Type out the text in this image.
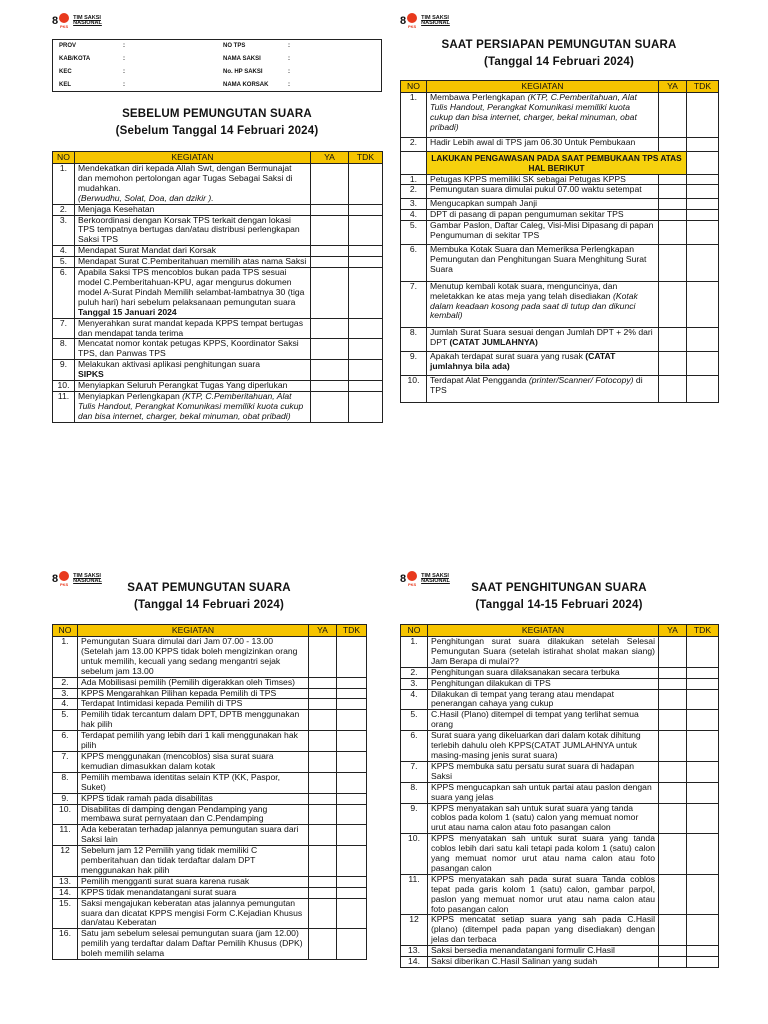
8 PKS
TIM SAKSI
NASIONAL
PROV	:
KAB/KOTA	:
KEC	:
KEL	:
NO TPS	:
NAMA SAKSI	:
No. HP SAKSI	:
NAMA KORSAK	:
SEBELUM PEMUNGUTAN SUARA
(Sebelum Tanggal 14 Februari 2024)
NO	KEGIATAN	YA	TDK
1.	Mendekatkan diri kepada Allah Swt, dengan Bermunajat dan memohon pertolongan agar Tugas Sebagai Saksi di mudahkan.
(Berwudhu, Solat, Doa, dan dzikir ).		
2.	Menjaga Kesehatan		
3.	Berkoordinasi dengan Korsak TPS terkait dengan lokasi TPS tempatnya bertugas dan/atau distribusi perlengkapan Saksi TPS		
4.	Mendapat Surat Mandat dari Korsak		
5.	Mendapat Surat C.Pemberitahuan memilih atas nama Saksi		
6.	Apabila Saksi TPS mencoblos bukan pada TPS sesuai model C.Pemberitahuan-KPU, agar mengurus dokumen model A-Surat Pindah Memilih selambat-lambatnya 30 (tiga puluh hari) hari sebelum pelaksanaan pemungutan suara Tanggal 15 Januari 2024		
7.	Menyerahkan surat mandat kepada KPPS tempat bertugas dan mendapat tanda terima		
8.	Mencatat nomor kontak petugas KPPS, Koordinator Saksi TPS, dan Panwas TPS		
9.	Melakukan aktivasi aplikasi penghitungan suara
SIPKS		
10.	Menyiapkan Seluruh Perangkat Tugas Yang diperlukan		
11.	Menyiapkan Perlengkapan (KTP, C.Pemberitahuan, Alat Tulis Handout, Perangkat Komunikasi memiliki kuota cukup dan bisa internet, charger, bekal minuman, obat pribadi)		
8 PKS
TIM SAKSI
NASIONAL
SAAT PERSIAPAN PEMUNGUTAN SUARA
(Tanggal 14 Februari 2024)
NO	KEGIATAN	YA	TDK
1.	Membawa Perlengkapan (KTP, C.Pemberitahuan, Alat Tulis Handout, Perangkat Komunikasi memiliki kuota cukup dan bisa internet, charger, bekal minuman, obat pribadi)		
2.	Hadir Lebih awal di TPS jam 06.30 Untuk Pembukaan		
	LAKUKAN PENGAWASAN PADA SAAT PEMBUKAAN TPS ATAS HAL BERIKUT		
1.	Petugas KPPS memiliki SK sebagai Petugas KPPS		
2.	Pemungutan suara dimulai pukul 07.00 waktu setempat		
3.	Mengucapkan sumpah Janji		
4.	DPT di pasang di papan pengumuman sekitar TPS		
5.	Gambar Paslon, Daftar Caleg, Visi-Misi Dipasang di papan Pengumuman di sekitar TPS		
6.	Membuka Kotak Suara dan Memeriksa Perlengkapan Pemungutan dan Penghitungan Suara Menghitung Surat Suara		
7.	Menutup kembali kotak suara, menguncinya, dan meletakkan ke atas meja yang telah disediakan (Kotak dalam keadaan kosong pada saat di tutup dan dikunci kembali)		
8.	Jumlah Surat Suara sesuai dengan Jumlah DPT + 2% dari DPT (CATAT JUMLAHNYA)		
9.	Apakah terdapat surat suara yang rusak (CATAT jumlahnya bila ada)		
10.	Terdapat Alat Pengganda (printer/Scanner/ Fotocopy) di TPS		
8 PKS
TIM SAKSI
NASIONAL
SAAT PEMUNGUTAN SUARA
(Tanggal 14 Februari 2024)
NO	KEGIATAN	YA	TDK
1.	Pemungutan Suara dimulai dari Jam 07.00 - 13.00 (Setelah jam 13.00 KPPS tidak boleh mengizinkan orang untuk memilih, kecuali yang sedang mengantri sejak sebelum jam 13.00		
2.	Ada Mobilisasi pemilih (Pemilih digerakkan oleh Timses)		
3.	KPPS Mengarahkan Pilihan kepada Pemilih di TPS		
4.	Terdapat Intimidasi kepada Pemilih di TPS		
5.	Pemilih tidak tercantum dalam DPT, DPTB menggunakan hak pilih		
6.	Terdapat pemilih yang lebih dari 1 kali menggunakan hak pilih		
7.	KPPS menggunakan (mencoblos) sisa surat suara kemudian dimasukkan dalam kotak		
8.	Pemilih membawa identitas selain KTP (KK, Paspor, Suket)		
9.	KPPS tidak ramah pada disabilitas		
10.	Disabilitas di damping dengan Pendamping yang membawa surat pernyataan dan C.Pendamping		
11.	Ada keberatan terhadap jalannya pemungutan suara dari Saksi lain		
12	Sebelum jam 12 Pemilih yang tidak memiliki C pemberitahuan dan tidak terdaftar dalam DPT menggunakan hak pilih		
13.	Pemilih mengganti surat suara karena rusak		
14.	KPPS tidak menandatangani surat suara		
15.	Saksi mengajukan keberatan atas jalannya pemungutan suara dan dicatat KPPS mengisi Form C.Kejadian Khusus dan/atau Keberatan		
16.	Satu jam sebelum selesai pemungutan suara (jam 12.00) pemilih yang terdaftar dalam Daftar Pemilih Khusus (DPK) boleh memilih selama		
8 PKS
TIM SAKSI
NASIONAL
SAAT PENGHITUNGAN SUARA
(Tanggal 14-15 Februari 2024)
NO	KEGIATAN	YA	TDK
1.	Penghitungan surat suara dilakukan setelah Selesai Pemungutan Suara (setelah istirahat sholat makan siang) Jam Berapa di mulai??		
2.	Penghitungan suara dilaksanakan secara terbuka		
3.	Penghitungan dilakukan di TPS		
4.	Dilakukan di tempat yang terang atau mendapat penerangan cahaya yang cukup		
5.	C.Hasil (Plano) ditempel di tempat yang terlihat semua orang		
6.	Surat suara yang dikeluarkan dari dalam kotak dihitung terlebih dahulu oleh KPPS(CATAT JUMLAHNYA untuk masing-masing jenis surat suara)		
7.	KPPS membuka satu persatu surat suara di hadapan Saksi		
8.	KPPS mengucapkan sah untuk partai atau paslon dengan suara yang jelas		
9.	KPPS menyatakan sah untuk surat suara yang tanda coblos pada kolom 1 (satu) calon yang memuat nomor urut atau nama calon atau foto pasangan calon		
10.	KPPS menyatakan sah untuk surat suara yang tanda coblos lebih dari satu kali tetapi pada kolom 1 (satu) calon yang memuat nomor urut atau nama calon atau foto pasangan calon		
11.	KPPS menyatakan sah pada surat suara Tanda coblos tepat pada garis kolom 1 (satu) calon, gambar parpol, paslon yang memuat nomor urut atau nama calon atau foto pasangan calon		
12	KPPS mencatat setiap suara yang sah pada C.Hasil (plano) (ditempel pada papan yang disediakan) dengan jelas dan terbaca		
13.	Saksi bersedia menandatangani formulir C.Hasil		
14.	Saksi diberikan C.Hasil Salinan yang sudah		
